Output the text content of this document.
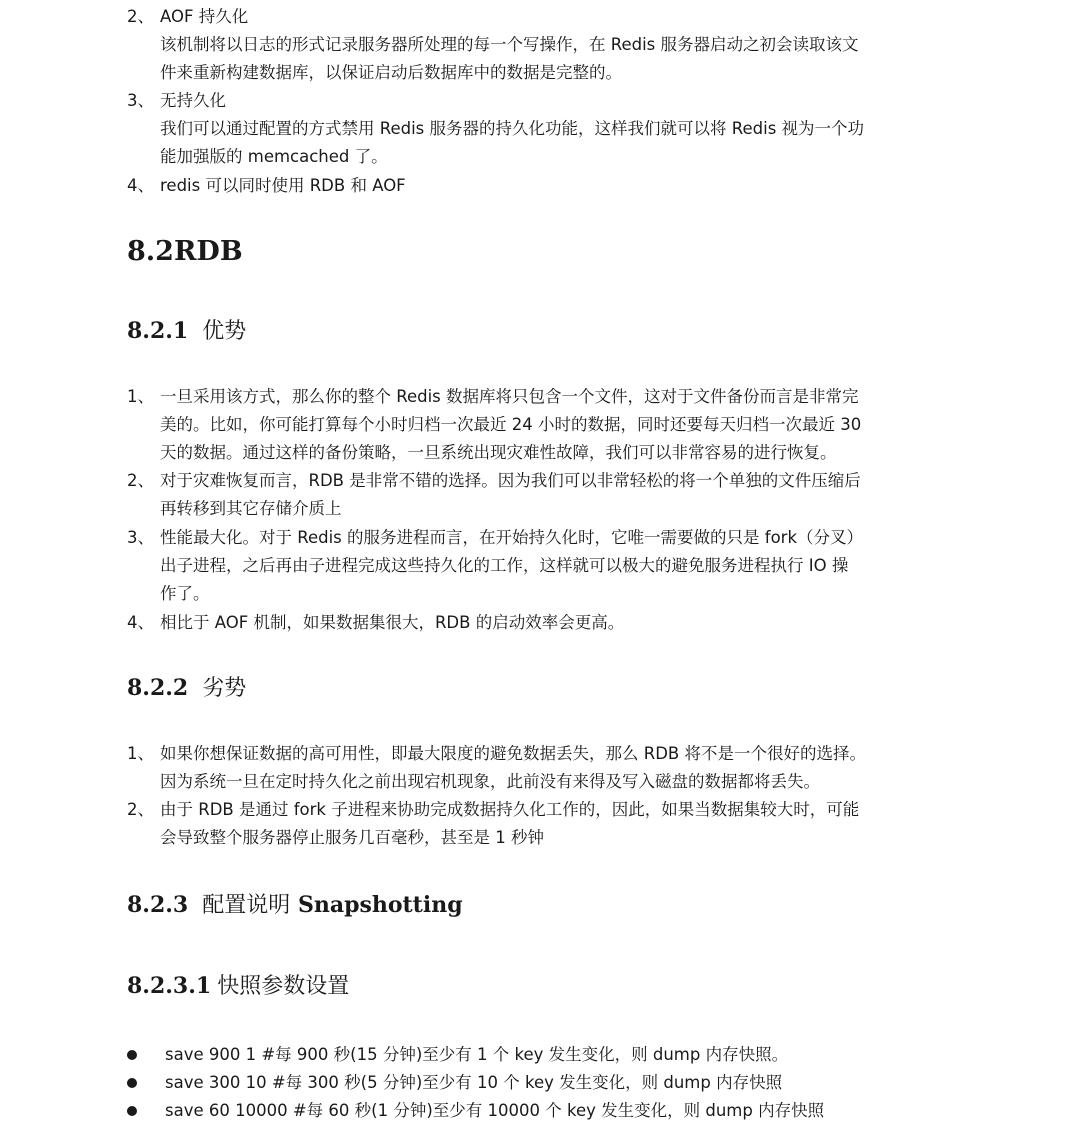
2、 AOF 持久化
该机制将以日志的形式记录服务器所处理的每一个写操作，在 Redis 服务器启动之初会读取该文
件来重新构建数据库，以保证启动后数据库中的数据是完整的。
3、 无持久化
我们可以通过配置的方式禁用 Redis 服务器的持久化功能，这样我们就可以将 Redis 视为一个功
能加强版的 memcached 了。
4、 redis 可以同时使用 RDB 和 AOF
8.2RDB
8.2.1 优势
1、 一旦采用该方式，那么你的整个 Redis 数据库将只包含一个文件，这对于文件备份而言是非常完
美的。比如，你可能打算每个小时归档一次最近 24 小时的数据，同时还要每天归档一次最近 30
天的数据。通过这样的备份策略，一旦系统出现灾难性故障，我们可以非常容易的进行恢复。
2、 对于灾难恢复而言，RDB 是非常不错的选择。因为我们可以非常轻松的将一个单独的文件压缩后
再转移到其它存储介质上
3、 性能最大化。对于 Redis 的服务进程而言，在开始持久化时，它唯一需要做的只是 fork（分叉）
出子进程，之后再由子进程完成这些持久化的工作，这样就可以极大的避免服务进程执行 IO 操
作了。
4、 相比于 AOF 机制，如果数据集很大，RDB 的启动效率会更高。
8.2.2 劣势
1、 如果你想保证数据的高可用性，即最大限度的避免数据丢失，那么 RDB 将不是一个很好的选择。
因为系统一旦在定时持久化之前出现宕机现象，此前没有来得及写入磁盘的数据都将丢失。
2、 由于 RDB 是通过 fork 子进程来协助完成数据持久化工作的，因此，如果当数据集较大时，可能
会导致整个服务器停止服务几百毫秒，甚至是 1 秒钟
8.2.3 配置说明 Snapshotting
8.2.3.1 快照参数设置
save 900 1 #每 900 秒(15 分钟)至少有 1 个 key 发生变化，则 dump 内存快照。
save 300 10 #每 300 秒(5 分钟)至少有 10 个 key 发生变化，则 dump 内存快照
save 60 10000 #每 60 秒(1 分钟)至少有 10000 个 key 发生变化，则 dump 内存快照
